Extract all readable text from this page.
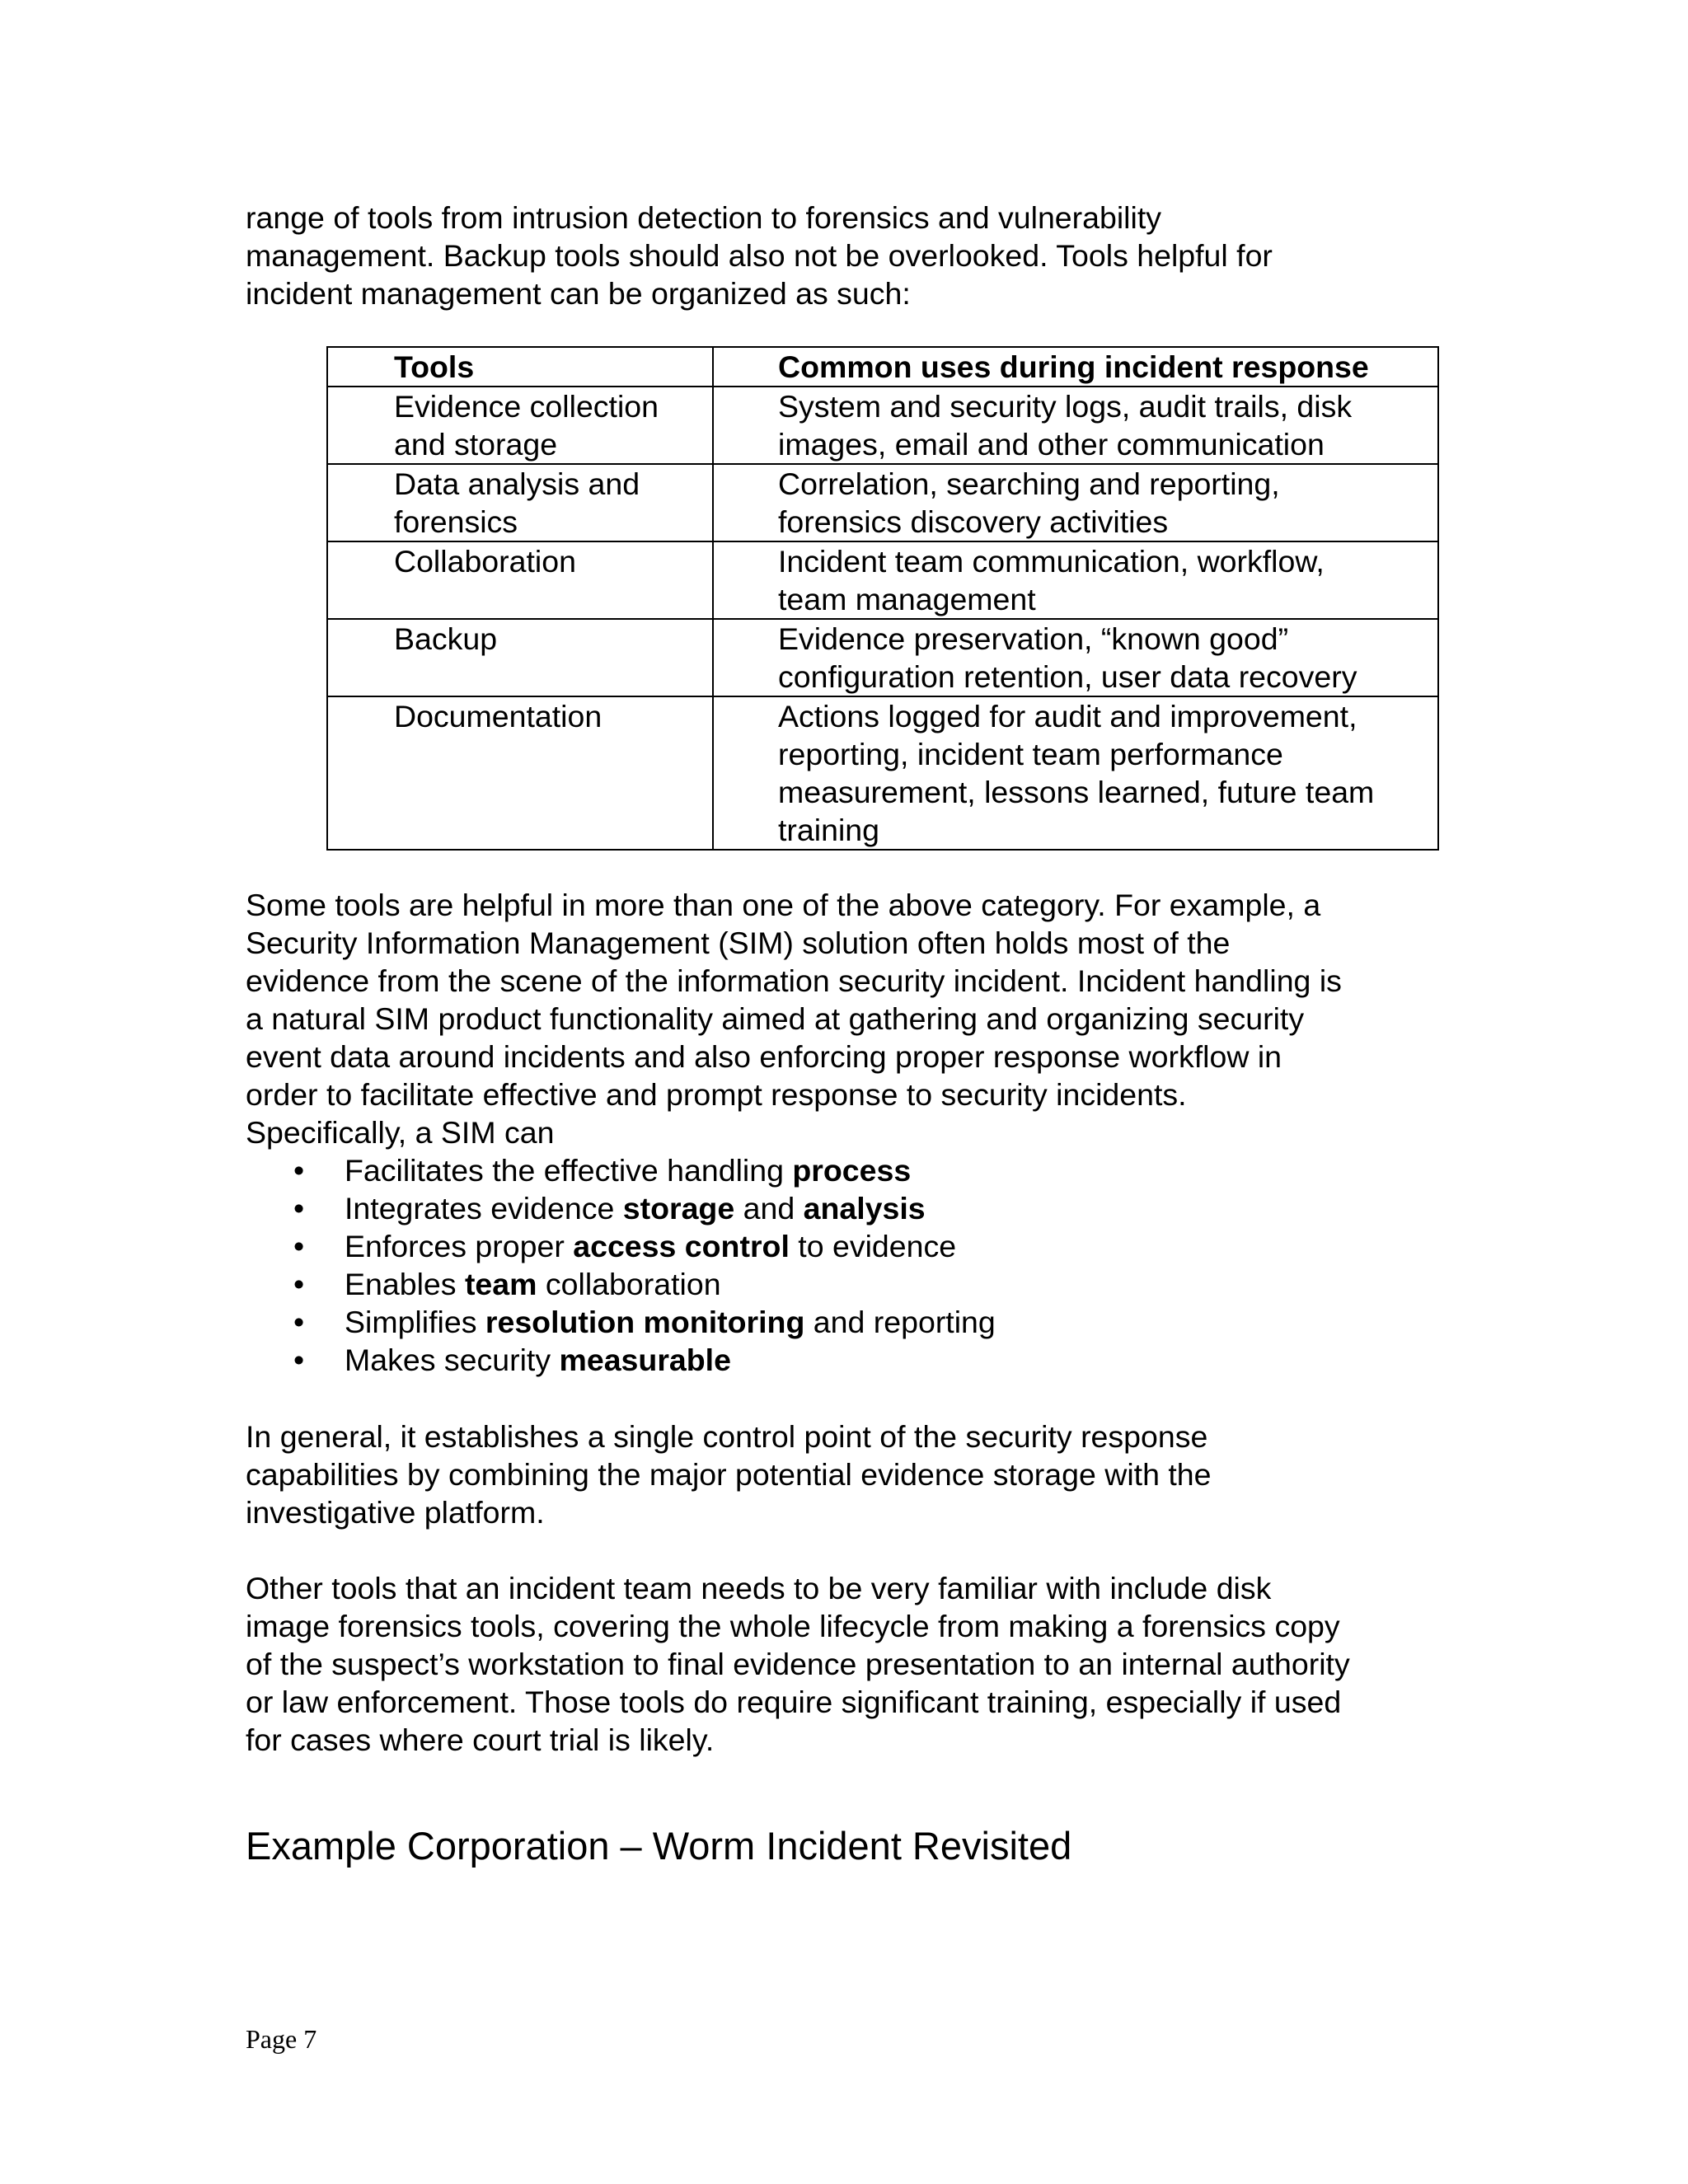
range of tools from intrusion detection to forensics and vulnerability
management. Backup tools should also not be overlooked. Tools helpful for
incident management can be organized as such:

Tools	Common uses during incident response
Evidence collection
and storage	System and security logs, audit trails, disk
images, email and other communication
Data analysis and
forensics	Correlation, searching and reporting,
forensics discovery activities
Collaboration	Incident team communication, workflow,
team management
Backup	Evidence preservation, “known good”
configuration retention, user data recovery
Documentation	Actions logged for audit and improvement,
reporting, incident team performance
measurement, lessons learned, future team
training

Some tools are helpful in more than one of the above category. For example, a
Security Information Management (SIM) solution often holds most of the
evidence from the scene of the information security incident. Incident handling is
a natural SIM product functionality aimed at gathering and organizing security
event data around incidents and also enforcing proper response workflow in
order to facilitate effective and prompt response to security incidents.
Specifically, a SIM can

• Facilitates the effective handling process
• Integrates evidence storage and analysis
• Enforces proper access control to evidence
• Enables team collaboration
• Simplifies resolution monitoring and reporting
• Makes security measurable

In general, it establishes a single control point of the security response
capabilities by combining the major potential evidence storage with the
investigative platform.

Other tools that an incident team needs to be very familiar with include disk
image forensics tools, covering the whole lifecycle from making a forensics copy
of the suspect’s workstation to final evidence presentation to an internal authority
or law enforcement. Those tools do require significant training, especially if used
for cases where court trial is likely.

Example Corporation – Worm Incident Revisited
Page 7
